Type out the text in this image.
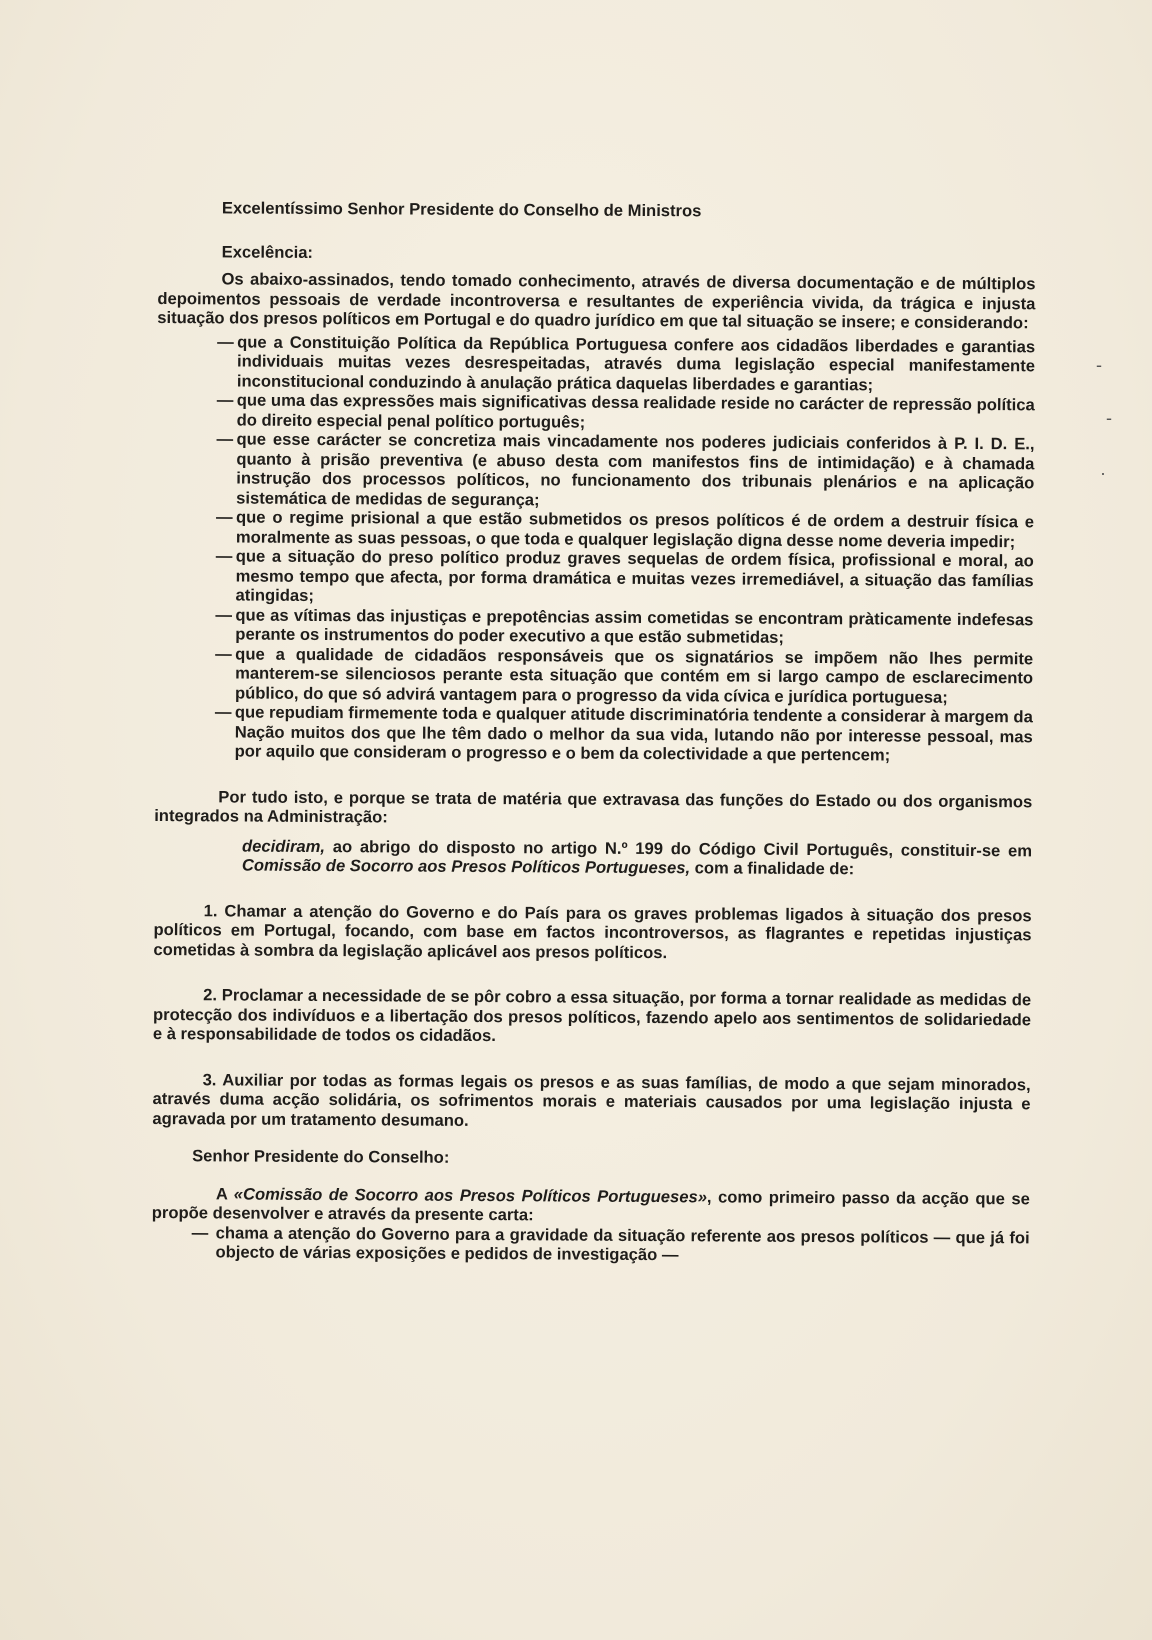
-
-
·

Excelentíssimo Senhor Presidente do Conselho de Ministros

Excelência:

Os abaixo-assinados, tendo tomado conhecimento, através de diversa documentação e de múltiplos depoimentos pessoais de verdade incontroversa e resultantes de experiência vivida, da trágica e injusta situação dos presos políticos em Portugal e do quadro jurídico em que tal situação se insere; e considerando:

— que a Constituição Política da República Portuguesa confere aos cidadãos liberdades e garantias individuais muitas vezes desrespeitadas, através duma legislação especial manifestamente inconstitucional conduzindo à anulação prática daquelas liberdades e garantias;
— que uma das expressões mais significativas dessa realidade reside no carácter de repressão política do direito especial penal político português;
— que esse carácter se concretiza mais vincadamente nos poderes judiciais conferidos à P. I. D. E., quanto à prisão preventiva (e abuso desta com manifestos fins de intimidação) e à chamada instrução dos processos políticos, no funcionamento dos tribunais plenários e na aplicação sistemática de medidas de segurança;
— que o regime prisional a que estão submetidos os presos políticos é de ordem a destruir física e moralmente as suas pessoas, o que toda e qualquer legislação digna desse nome deveria impedir;
— que a situação do preso político produz graves sequelas de ordem física, profissional e moral, ao mesmo tempo que afecta, por forma dramática e muitas vezes irremediável, a situação das famílias atingidas;
— que as vítimas das injustiças e prepotências assim cometidas se encontram pràticamente indefesas perante os instrumentos do poder executivo a que estão submetidas;
— que a qualidade de cidadãos responsáveis que os signatários se impõem não lhes permite manterem-se silenciosos perante esta situação que contém em si largo campo de esclarecimento público, do que só advirá vantagem para o progresso da vida cívica e jurídica portuguesa;
— que repudiam firmemente toda e qualquer atitude discriminatória tendente a considerar à margem da Nação muitos dos que lhe têm dado o melhor da sua vida, lutando não por interesse pessoal, mas por aquilo que consideram o progresso e o bem da colectividade a que pertencem;

Por tudo isto, e porque se trata de matéria que extravasa das funções do Estado ou dos organismos integrados na Administração:

decidiram, ao abrigo do disposto no artigo N.º 199 do Código Civil Português, constituir-se em Comissão de Socorro aos Presos Políticos Portugueses, com a finalidade de:

1. Chamar a atenção do Governo e do País para os graves problemas ligados à situação dos presos políticos em Portugal, focando, com base em factos incontroversos, as flagrantes e repetidas injustiças cometidas à sombra da legislação aplicável aos presos políticos.

2. Proclamar a necessidade de se pôr cobro a essa situação, por forma a tornar realidade as medidas de protecção dos indivíduos e a libertação dos presos políticos, fazendo apelo aos sentimentos de solidariedade e à responsabilidade de todos os cidadãos.

3. Auxiliar por todas as formas legais os presos e as suas famílias, de modo a que sejam minorados, através duma acção solidária, os sofrimentos morais e materiais causados por uma legislação injusta e agravada por um tratamento desumano.

Senhor Presidente do Conselho:

A «Comissão de Socorro aos Presos Políticos Portugueses», como primeiro passo da acção que se propõe desenvolver e através da presente carta:

— chama a atenção do Governo para a gravidade da situação referente aos presos políticos — que já foi objecto de várias exposições e pedidos de investigação —
